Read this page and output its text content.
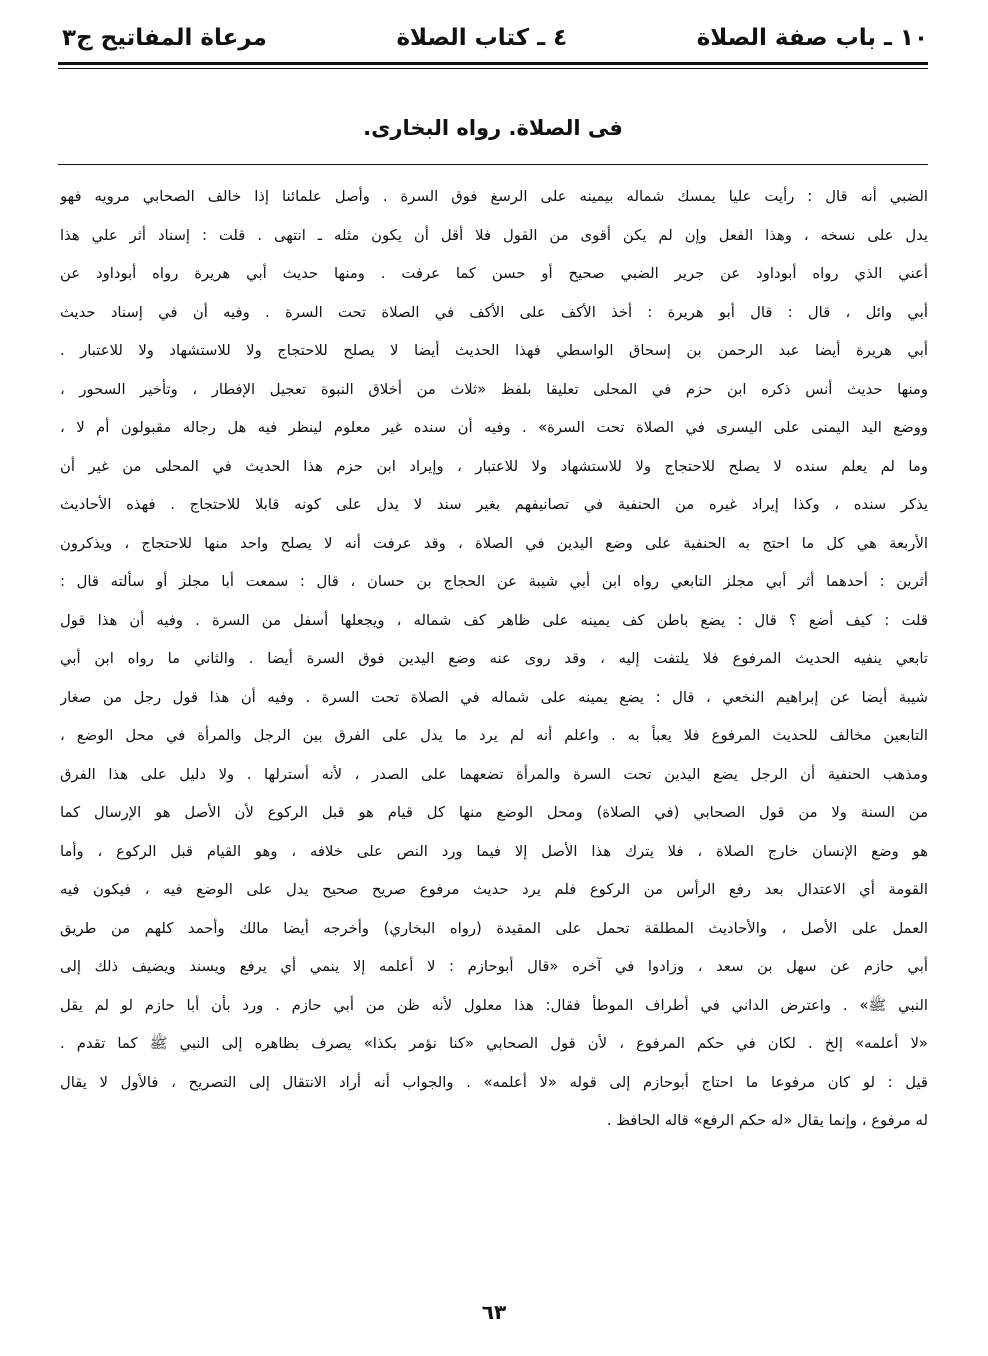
مرعاة المفاتيح ج٣	٤ ـ كتاب الصلاة	١٠ ـ باب صفة الصلاة
فى الصلاة. رواه البخارى.
الضبي أنه قال : رأيت عليا يمسك شماله بيمينه على الرسغ فوق السرة . وأصل علمائنا إذا خالف الصحابي مرويه فهو
يدل على نسخه ، وهذا الفعل وإن لم يكن أقوى من القول فلا أقل أن يكون مثله ـ انتهى . قلت : إسناد أثر علي هذا
أعني الذي رواه أبوداود عن جرير الضبي صحيح أو حسن كما عرفت . ومنها حديث أبي هريرة رواه أبوداود عن
أبي وائل ، قال : قال أبو هريرة : أخذ الأكف على الأكف في الصلاة تحت السرة . وفيه أن في إسناد حديث
أبي هريرة أيضا عبد الرحمن بن إسحاق الواسطي فهذا الحديث أيضا لا يصلح للاحتجاج ولا للاستشهاد ولا للاعتبار .
ومنها حديث أنس ذكره ابن حزم في المحلى تعليقا بلفظ «ثلاث من أخلاق النبوة تعجيل الإفطار ، وتأخير السحور ،
ووضع اليد اليمنى على اليسرى في الصلاة تحت السرة» . وفيه أن سنده غير معلوم لينظر فيه هل رجاله مقبولون أم لا ،
وما لم يعلم سنده لا يصلح للاحتجاج ولا للاستشهاد ولا للاعتبار ، وإيراد ابن حزم هذا الحديث في المحلى من غير أن
يذكر سنده ، وكذا إيراد غيره من الحنفية في تصانيفهم بغير سند لا يدل على كونه قابلا للاحتجاج . فهذه الأحاديث
الأربعة هي كل ما احتج به الحنفية على وضع اليدين في الصلاة ، وقد عرفت أنه لا يصلح واحد منها للاحتجاج ، ويذكرون
أثرين : أحدهما أثر أبي مجلز التابعي رواه ابن أبي شيبة عن الحجاج بن حسان ، قال : سمعت أبا مجلز أو سألته قال :
قلت : كيف أضع ؟ قال : يضع باطن كف يمينه على ظاهر كف شماله ، ويجعلها أسفل من السرة . وفيه أن هذا قول
تابعي ينفيه الحديث المرفوع فلا يلتفت إليه ، وقد روى عنه وضع اليدين فوق السرة أيضا . والثاني ما رواه ابن أبي
شيبة أيضا عن إبراهيم النخعي ، قال : يضع يمينه على شماله في الصلاة تحت السرة . وفيه أن هذا قول رجل من صغار
التابعين مخالف للحديث المرفوع فلا يعبأ به . واعلم أنه لم يرد ما يدل على الفرق بين الرجل والمرأة في محل الوضع ،
ومذهب الحنفية أن الرجل يضع اليدين تحت السرة والمرأة تضعهما على الصدر ، لأنه أسترلها . ولا دليل على هذا الفرق
من السنة ولا من قول الصحابي (في الصلاة) ومحل الوضع منها كل قيام هو قبل الركوع لأن الأصل هو الإرسال كما
هو وضع الإنسان خارج الصلاة ، فلا يترك هذا الأصل إلا فيما ورد النص على خلافه ، وهو القيام قبل الركوع ، وأما
القومة أي الاعتدال بعد رفع الرأس من الركوع فلم يرد حديث مرفوع صريح صحيح يدل على الوضع فيه ، فيكون فيه
العمل على الأصل ، والأحاديث المطلقة تحمل على المقيدة (رواه البخاري) وأخرجه أيضا مالك وأحمد كلهم من طريق
أبي حازم عن سهل بن سعد ، وزادوا في آخره «قال أبوحازم : لا أعلمه إلا ينمي أي يرفع ويسند ويضيف ذلك إلى
النبي ﷺ» . واعترض الداني في أطراف الموطأ فقال: هذا معلول لأنه ظن من أبي حازم . ورد بأن أبا حازم لو لم يقل
«لا أعلمه» إلخ . لكان في حكم المرفوع ، لأن قول الصحابي «كنا نؤمر بكذا» يصرف بظاهره إلى النبي ﷺ كما تقدم .
قيل : لو كان مرفوعا ما احتاج أبوحازم إلى قوله «لا أعلمه» . والجواب أنه أراد الانتقال إلى التصريح ، فالأول لا يقال
له مرفوع ، وإنما يقال «له حكم الرفع» قاله الحافظ .
٦٣
